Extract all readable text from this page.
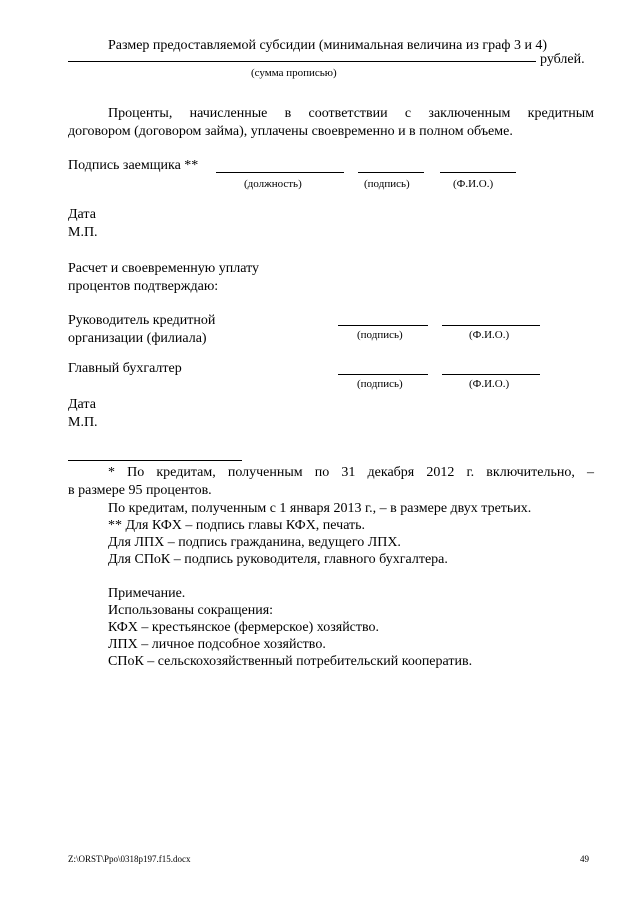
Размер предоставляемой субсидии (минимальная величина из граф 3 и 4)
рублей.
(сумма прописью)
Проценты, начисленные в соответствии с заключенным кредитным
договором (договором займа), уплачены своевременно и в полном объеме.
Подпись заемщика **
(должность)	(подпись)	(Ф.И.О.)
Дата
М.П.
Расчет и своевременную уплату
процентов подтверждаю:
Руководитель кредитной
организации (филиала)	(подпись)	(Ф.И.О.)
Главный бухгалтер
(подпись)	(Ф.И.О.)
Дата
М.П.
* По кредитам, полученным по 31 декабря 2012 г. включительно, –
в размере 95 процентов.
По кредитам, полученным с 1 января 2013 г., – в размере двух третьих.
** Для КФХ – подпись главы КФХ, печать.
Для ЛПХ – подпись гражданина, ведущего ЛПХ.
Для СПоК – подпись руководителя, главного бухгалтера.
Примечание.
Использованы сокращения:
КФХ – крестьянское (фермерское) хозяйство.
ЛПХ – личное подсобное хозяйство.
СПоК – сельскохозяйственный потребительский кооператив.
Z:\ORST\Ppo\0318p197.f15.docx	49
